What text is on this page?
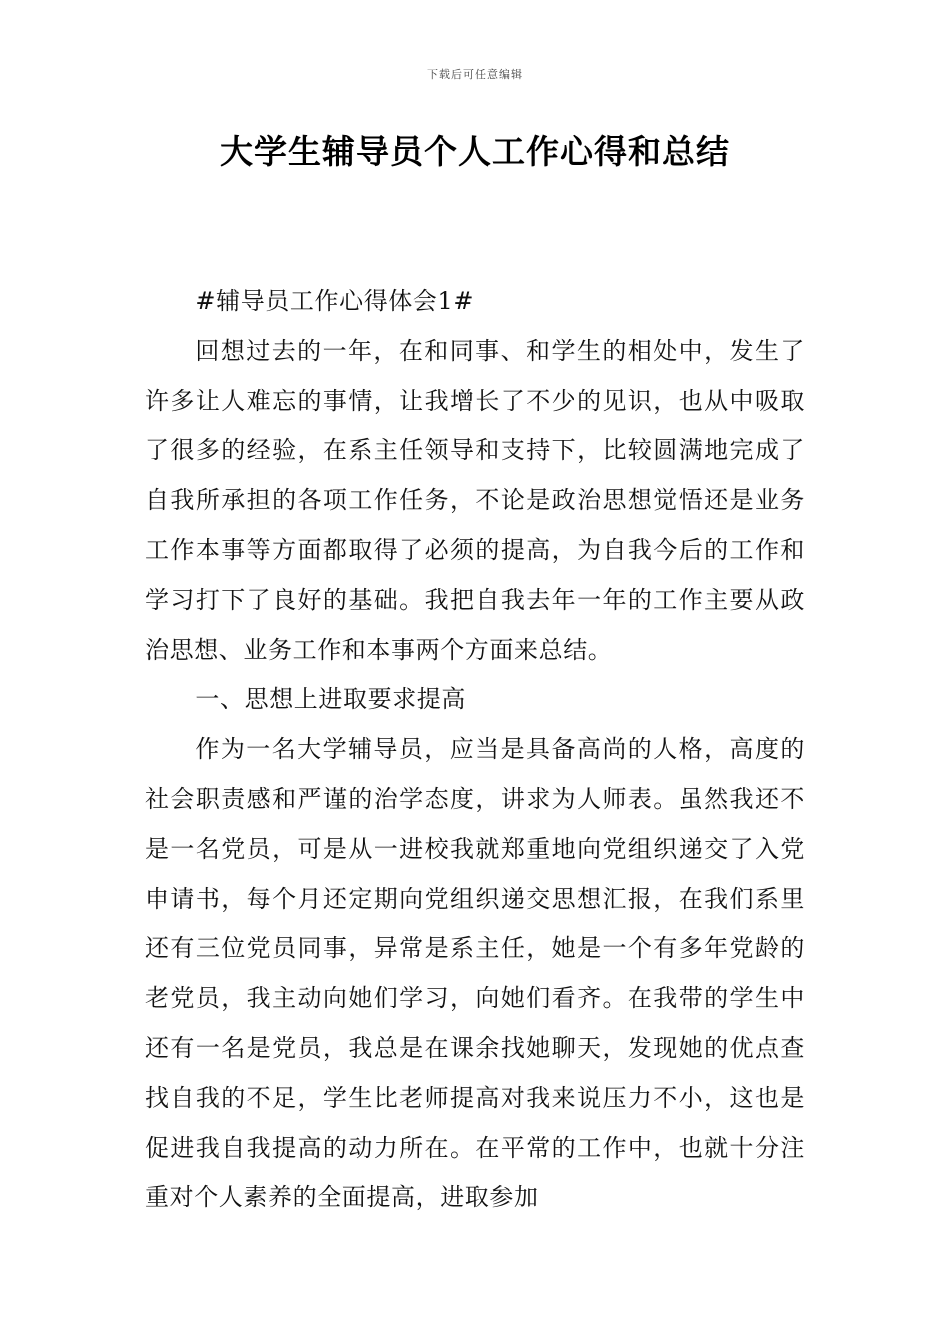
下载后可任意编辑
大学生辅导员个人工作心得和总结

#辅导员工作心得体会1#

回想过去的一年，在和同事、和学生的相处中，发生了许多让人难忘的事情，让我增长了不少的见识，也从中吸取了很多的经验，在系主任领导和支持下，比较圆满地完成了自我所承担的各项工作任务，不论是政治思想觉悟还是业务工作本事等方面都取得了必须的提高，为自我今后的工作和学习打下了良好的基础。我把自我去年一年的工作主要从政治思想、业务工作和本事两个方面来总结。

一、思想上进取要求提高

作为一名大学辅导员，应当是具备高尚的人格，高度的社会职责感和严谨的治学态度，讲求为人师表。虽然我还不是一名党员，可是从一进校我就郑重地向党组织递交了入党申请书，每个月还定期向党组织递交思想汇报，在我们系里还有三位党员同事，异常是系主任，她是一个有多年党龄的老党员，我主动向她们学习，向她们看齐。在我带的学生中还有一名是党员，我总是在课余找她聊天，发现她的优点查找自我的不足，学生比老师提高对我来说压力不小，这也是促进我自我提高的动力所在。在平常的工作中，也就十分注重对个人素养的全面提高，进取参加
